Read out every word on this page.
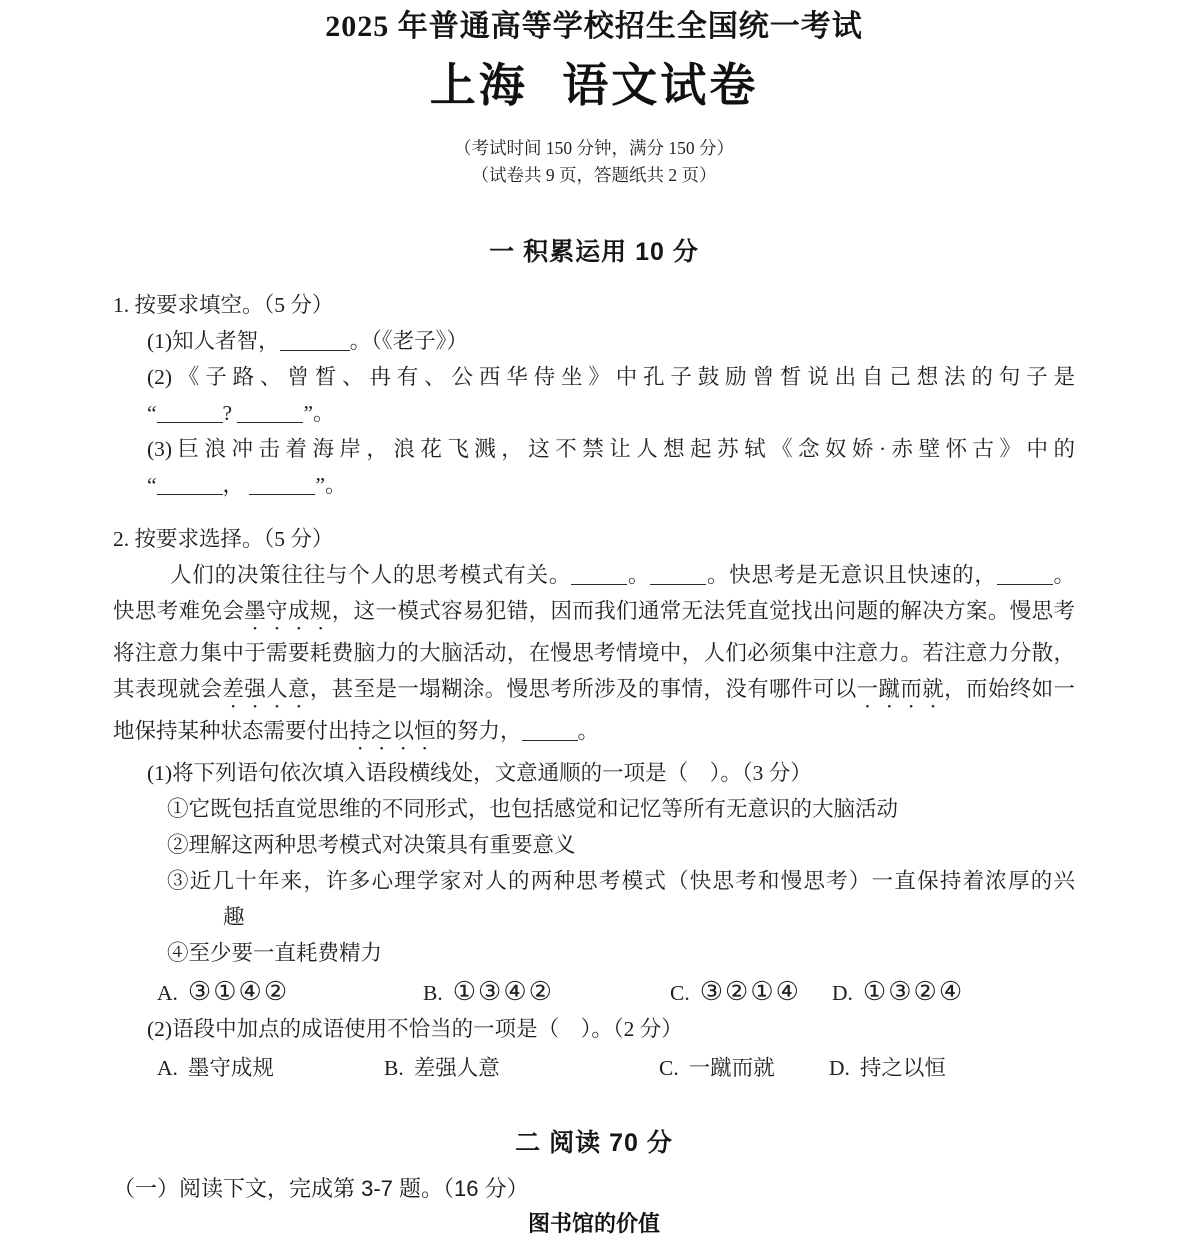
2025 年普通高等学校招生全国统一考试
上海 语文试卷
（考试时间 150 分钟，满分 150 分）
（试卷共 9 页，答题纸共 2 页）
一 积累运用 10 分
1. 按要求填空。（5 分）
(1)知人者智，	。（《老子》）
(2)《子路、曾晳、冉有、公西华侍坐》中孔子鼓励曾晳说出自己想法的句子是
“	?	”。
(3)巨浪冲击着海岸，浪花飞溅，这不禁让人想起苏轼《念奴娇·赤壁怀古》中的
“	，	”。
2. 按要求选择。（5 分）
人们的决策往往与个人的思考模式有关。	。	。快思考是无意识且快速的，	。
快思考难免会墨守成规，这一模式容易犯错，因而我们通常无法凭直觉找出问题的解决方案。慢思考
将注意力集中于需要耗费脑力的大脑活动，在慢思考情境中，人们必须集中注意力。若注意力分散，
其表现就会差强人意，甚至是一塌糊涂。慢思考所涉及的事情，没有哪件可以一蹴而就，而始终如一
地保持某种状态需要付出持之以恒的努力，	。
(1)将下列语句依次填入语段横线处，文意通顺的一项是（　）。（3 分）
①它既包括直觉思维的不同形式，也包括感觉和记忆等所有无意识的大脑活动
②理解这两种思考模式对决策具有重要意义
③近几十年来，许多心理学家对人的两种思考模式（快思考和慢思考）一直保持着浓厚的兴
趣
④至少要一直耗费精力
A. ③①④②	B. ①③④②	C. ③②①④ D. ①③②④
(2)语段中加点的成语使用不恰当的一项是（　）。（2 分）
A. 墨守成规	B. 差强人意	C. 一蹴而就	D. 持之以恒
二 阅读 70 分
（一）阅读下文，完成第 3-7 题。（16 分）
图书馆的价值
